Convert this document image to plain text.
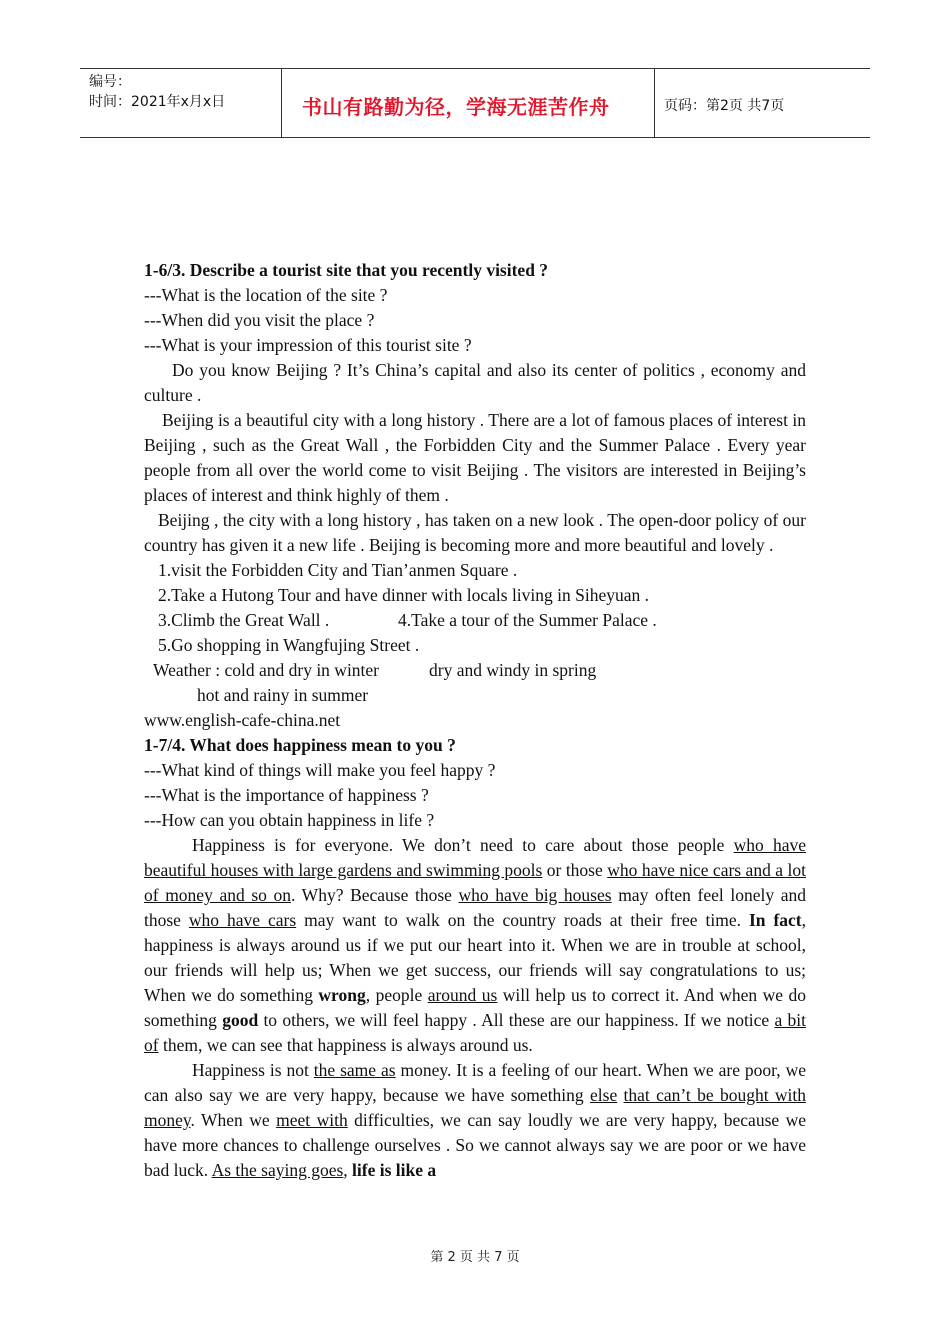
编号：
时间：2021年x月x日	书山有路勤为径，学海无涯苦作舟	页码：第2页 共7页

1-6/3. Describe a tourist site that you recently visited ?

---What is the location of the site ?

---When did you visit the place ?

---What is your impression of this tourist site ?

Do you know Beijing ? It’s China’s capital and also its center of politics , economy and culture .

Beijing is a beautiful city with a long history . There are a lot of famous places of interest in Beijing , such as the Great Wall , the Forbidden City and the Summer Palace . Every year people from all over the world come to visit Beijing . The visitors are interested in Beijing’s places of interest and think highly of them .

Beijing , the city with a long history , has taken on a new look . The open-door policy of our country has given it a new life . Beijing is becoming more and more beautiful and lovely .

1.visit the Forbidden City and Tian’anmen Square .

2.Take a Hutong Tour and have dinner with locals living in Siheyuan .

3.Climb the Great Wall .	4.Take a tour of the Summer Palace .

5.Go shopping in Wangfujing Street .

Weather : cold and dry in winter	dry and windy in spring

hot and rainy in summer

www.english-cafe-china.net

1-7/4. What does happiness mean to you ?

---What kind of things will make you feel happy ?

---What is the importance of happiness ?

---How can you obtain happiness in life ?

Happiness is for everyone. We don’t need to care about those people who have beautiful houses with large gardens and swimming pools or those who have nice cars and a lot of money and so on. Why? Because those who have big houses may often feel lonely and those who have cars may want to walk on the country roads at their free time. In fact, happiness is always around us if we put our heart into it. When we are in trouble at school, our friends will help us; When we get success, our friends will say congratulations to us; When we do something wrong, people around us will help us to correct it. And when we do something good to others, we will feel happy . All these are our happiness. If we notice a bit of them, we can see that happiness is always around us.

Happiness is not the same as money. It is a feeling of our heart. When we are poor, we can also say we are very happy, because we have something else that can’t be bought with money. When we meet with difficulties, we can say loudly we are very happy, because we have more chances to challenge ourselves . So we cannot always say we are poor or we have bad luck. As the saying goes, life is like a

第 2 页 共 7 页
